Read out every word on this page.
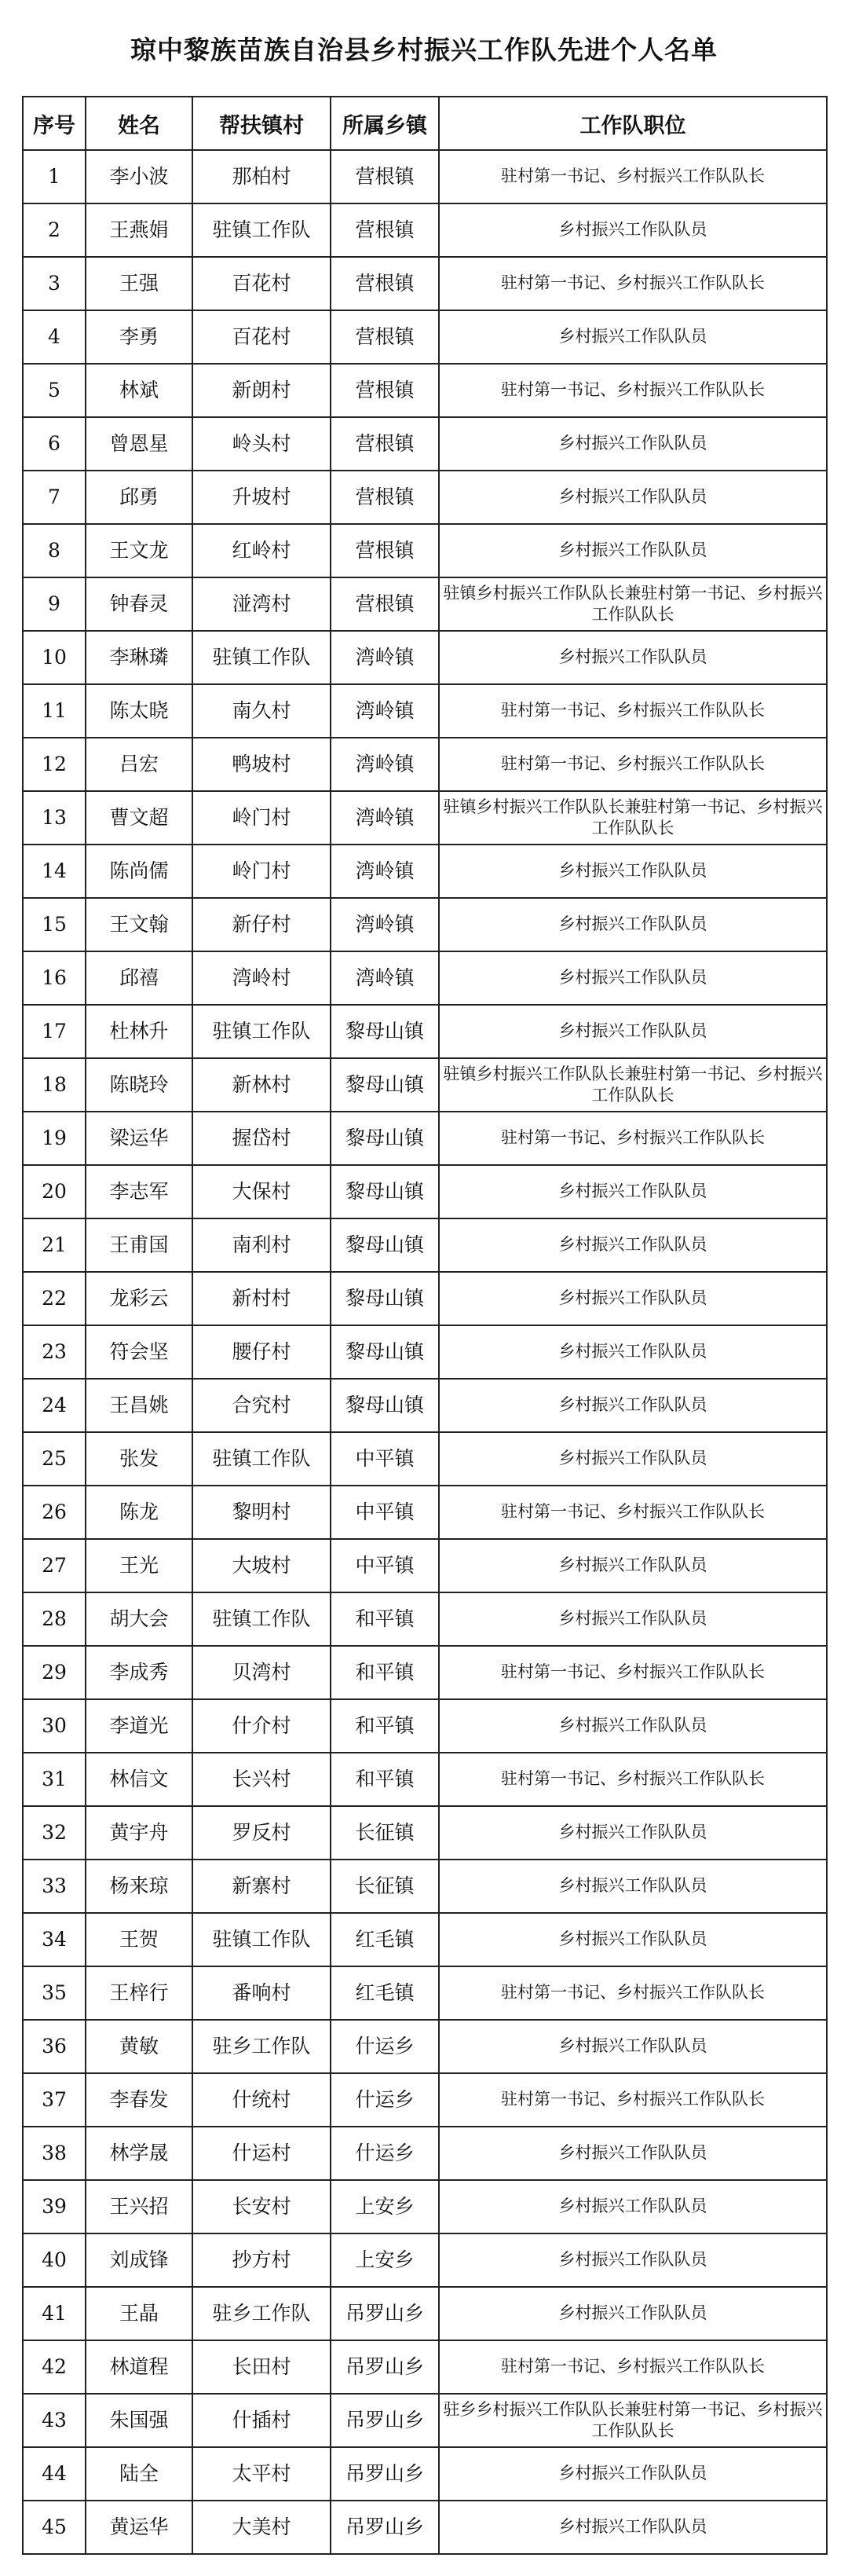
琼中黎族苗族自治县乡村振兴工作队先进个人名单
序号	姓名	帮扶镇村	所属乡镇	工作队职位
1	李小波	那柏村	营根镇	驻村第一书记、乡村振兴工作队队长
2	王燕娟	驻镇工作队	营根镇	乡村振兴工作队队员
3	王强	百花村	营根镇	驻村第一书记、乡村振兴工作队队长
4	李勇	百花村	营根镇	乡村振兴工作队队员
5	林斌	新朗村	营根镇	驻村第一书记、乡村振兴工作队队长
6	曾恩星	岭头村	营根镇	乡村振兴工作队队员
7	邱勇	升坡村	营根镇	乡村振兴工作队队员
8	王文龙	红岭村	营根镇	乡村振兴工作队队员
9	钟春灵	湴湾村	营根镇	驻镇乡村振兴工作队队长兼驻村第一书记、乡村振兴工作队队长
10	李琳璘	驻镇工作队	湾岭镇	乡村振兴工作队队员
11	陈太晓	南久村	湾岭镇	驻村第一书记、乡村振兴工作队队长
12	吕宏	鸭坡村	湾岭镇	驻村第一书记、乡村振兴工作队队长
13	曹文超	岭门村	湾岭镇	驻镇乡村振兴工作队队长兼驻村第一书记、乡村振兴工作队队长
14	陈尚儒	岭门村	湾岭镇	乡村振兴工作队队员
15	王文翰	新仔村	湾岭镇	乡村振兴工作队队员
16	邱禧	湾岭村	湾岭镇	乡村振兴工作队队员
17	杜林升	驻镇工作队	黎母山镇	乡村振兴工作队队员
18	陈晓玲	新林村	黎母山镇	驻镇乡村振兴工作队队长兼驻村第一书记、乡村振兴工作队队长
19	梁运华	握岱村	黎母山镇	驻村第一书记、乡村振兴工作队队长
20	李志军	大保村	黎母山镇	乡村振兴工作队队员
21	王甫国	南利村	黎母山镇	乡村振兴工作队队员
22	龙彩云	新村村	黎母山镇	乡村振兴工作队队员
23	符会坚	腰仔村	黎母山镇	乡村振兴工作队队员
24	王昌姚	合究村	黎母山镇	乡村振兴工作队队员
25	张发	驻镇工作队	中平镇	乡村振兴工作队队员
26	陈龙	黎明村	中平镇	驻村第一书记、乡村振兴工作队队长
27	王光	大坡村	中平镇	乡村振兴工作队队员
28	胡大会	驻镇工作队	和平镇	乡村振兴工作队队员
29	李成秀	贝湾村	和平镇	驻村第一书记、乡村振兴工作队队长
30	李道光	什介村	和平镇	乡村振兴工作队队员
31	林信文	长兴村	和平镇	驻村第一书记、乡村振兴工作队队长
32	黄宇舟	罗反村	长征镇	乡村振兴工作队队员
33	杨来琼	新寨村	长征镇	乡村振兴工作队队员
34	王贺	驻镇工作队	红毛镇	乡村振兴工作队队员
35	王梓行	番响村	红毛镇	驻村第一书记、乡村振兴工作队队长
36	黄敏	驻乡工作队	什运乡	乡村振兴工作队队员
37	李春发	什统村	什运乡	驻村第一书记、乡村振兴工作队队长
38	林学晟	什运村	什运乡	乡村振兴工作队队员
39	王兴招	长安村	上安乡	乡村振兴工作队队员
40	刘成锋	抄方村	上安乡	乡村振兴工作队队员
41	王晶	驻乡工作队	吊罗山乡	乡村振兴工作队队员
42	林道程	长田村	吊罗山乡	驻村第一书记、乡村振兴工作队队长
43	朱国强	什插村	吊罗山乡	驻乡乡村振兴工作队队长兼驻村第一书记、乡村振兴工作队队长
44	陆全	太平村	吊罗山乡	乡村振兴工作队队员
45	黄运华	大美村	吊罗山乡	乡村振兴工作队队员
